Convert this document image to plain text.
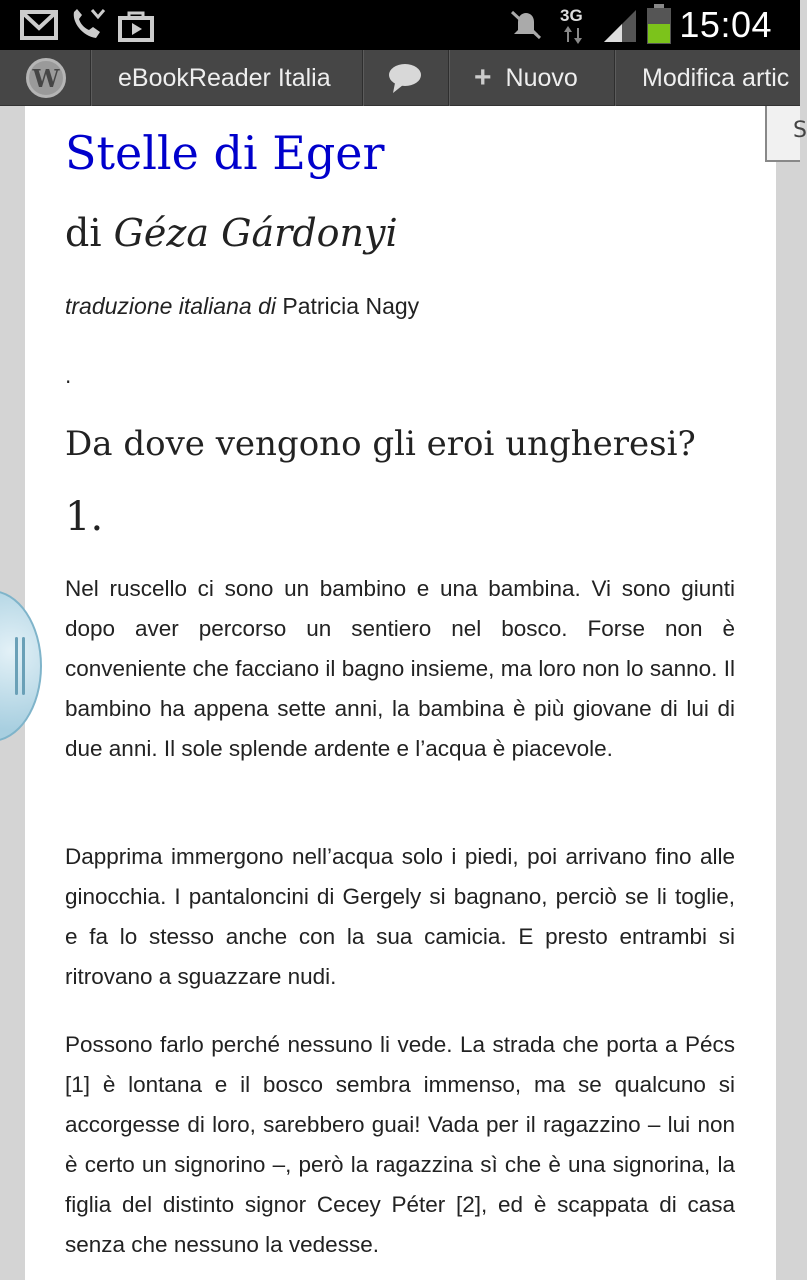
3G	15:04
W eBookReader Italia	+ Nuovo	Modifica artic
Stelle di Eger
di Géza Gárdonyi
traduzione italiana di Patricia Nagy
.
Da dove vengono gli eroi ungheresi?
1.

Nel ruscello ci sono un bambino e una bambina. Vi sono giunti dopo aver percorso un sentiero nel bosco. Forse non è conveniente che facciano il bagno insieme, ma loro non lo sanno. Il bambino ha appena sette anni, la bambina è più giovane di lui di due anni. Il sole splende ardente e l’acqua è piacevole.

Dapprima immergono nell’acqua solo i piedi, poi arrivano fino alle ginocchia. I pantaloncini di Gergely si bagnano, perciò se li toglie, e fa lo stesso anche con la sua camicia. E presto entrambi si ritrovano a sguazzare nudi.

Possono farlo perché nessuno li vede. La strada che porta a Pécs [1] è lontana e il bosco sembra immenso, ma se qualcuno si accorgesse di loro, sarebbero guai! Vada per il ragazzino – lui non è certo un signorino –, però la ragazzina sì che è una signorina, la figlia del distinto signor Cecey Péter [2], ed è scappata di casa senza che nessuno la vedesse.

S
